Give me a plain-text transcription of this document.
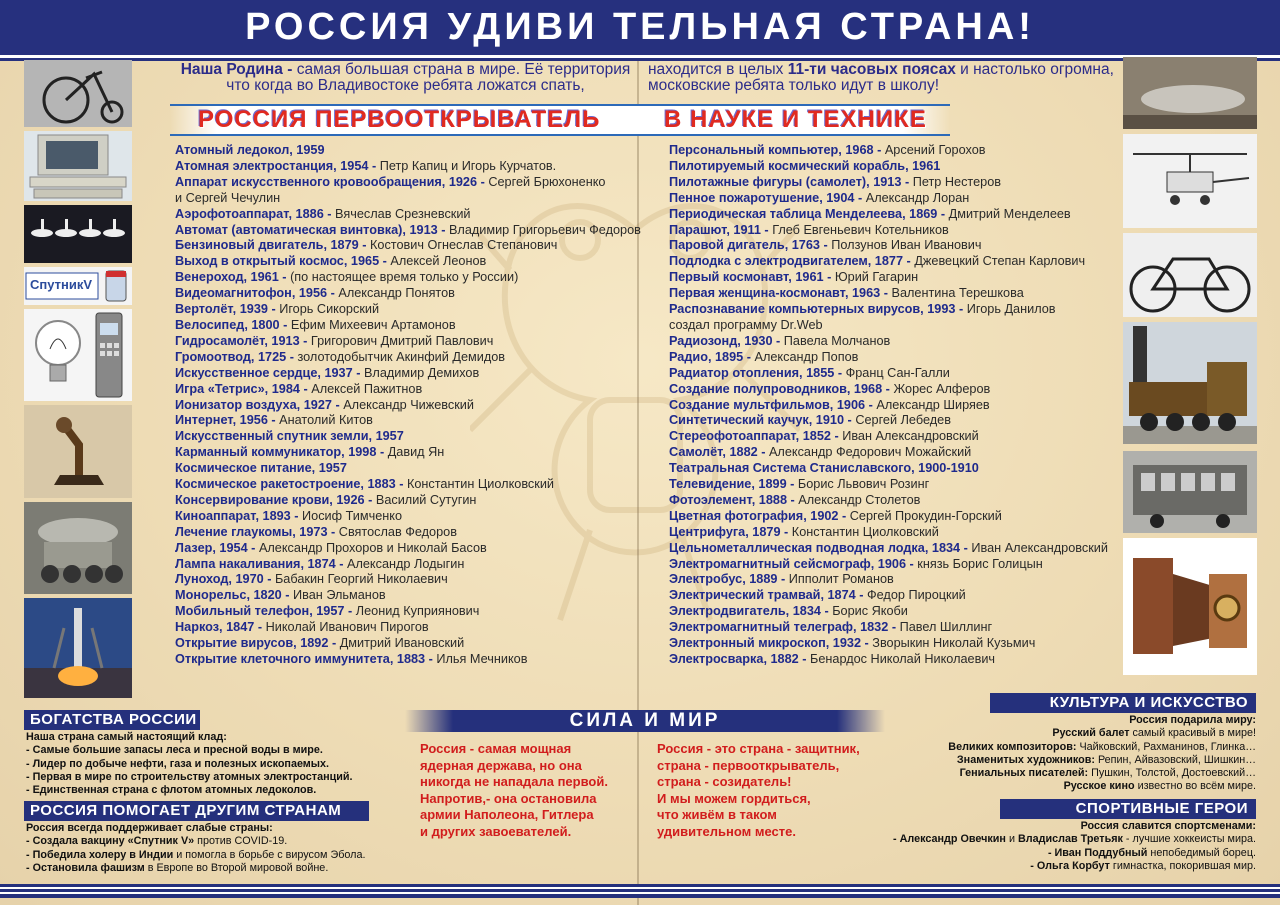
РОССИЯ УДИВИ ТЕЛЬНАЯ СТРАНА!
Наша Родина - самая большая страна в мире. Её территория
что когда во Владивостоке ребята ложатся спать,
находится в целых 11-ти часовых поясах и настолько огромна,
московские ребята только идут в школу!
РОССИЯ ПЕРВООТКРЫВАТЕЛЬ	В НАУКЕ И ТЕХНИКЕ
Атомный ледокол, 1959
Атомная электростанция, 1954 - Петр Капиц и Игорь Курчатов.
Аппарат искусственного кровообращения, 1926 - Сергей Брюхоненко
и Сергей Чечулин
Аэрофотоаппарат, 1886 - Вячеслав Срезневский
Автомат (автоматическая винтовка), 1913 - Владимир Григорьевич Федоров
Бензиновый двигатель, 1879 - Костович Огнеслав Степанович
Выход в открытый космос, 1965 - Алексей Леонов
Венероход, 1961 - (по настоящее время только у России)
Видеомагнитофон, 1956 - Александр Понятов
Вертолёт, 1939 - Игорь Сикорский
Велосипед, 1800 - Ефим Михеевич Артамонов
Гидросамолёт, 1913 - Григорович Дмитрий Павлович
Громоотвод, 1725 - золотодобытчик Акинфий Демидов
Искусственное сердце, 1937 - Владимир Демихов
Игра «Тетрис», 1984 - Алексей Пажитнов
Ионизатор воздуха, 1927 - Александр Чижевский
Интернет, 1956 - Анатолий Китов
Искусственный спутник земли, 1957
Карманный коммуникатор, 1998 - Давид Ян
Космическое питание, 1957
Космическое ракетостроение, 1883 - Константин Циолковский
Консервирование крови, 1926 - Василий Сутугин
Киноаппарат, 1893 - Иосиф Тимченко
Лечение глаукомы, 1973 - Святослав Федоров
Лазер, 1954 - Александр Прохоров и Николай Басов
Лампа накаливания, 1874 - Александр Лодыгин
Луноход, 1970 - Бабакин Георгий Николаевич
Монорельс, 1820 - Иван Эльманов
Мобильный телефон, 1957 - Леонид Куприянович
Наркоз, 1847 - Николай Иванович Пирогов
Открытие вирусов, 1892 - Дмитрий Ивановский
Открытие клеточного иммунитета, 1883 - Илья Мечников
Персональный компьютер, 1968 - Арсений Горохов
Пилотируемый космический корабль, 1961
Пилотажные фигуры (самолет), 1913 - Петр Нестеров
Пенное пожаротушение, 1904 - Александр Лоран
Периодическая таблица Менделеева, 1869 - Дмитрий Менделеев
Парашют, 1911 - Глеб Евгеньевич Котельников
Паровой дигатель, 1763 - Ползунов Иван Иванович
Подлодка с электродвигателем, 1877 - Джевецкий Степан Карлович
Первый космонавт, 1961 - Юрий Гагарин
Первая женщина-космонавт, 1963 - Валентина Терешкова
Распознавание компьютерных вирусов, 1993 - Игорь Данилов
создал программу Dr.Web
Радиозонд, 1930 - Павела Молчанов
Радио, 1895 - Александр Попов
Радиатор отопления, 1855 - Франц Сан-Галли
Создание полупроводников, 1968 - Жорес Алферов
Создание мультфильмов, 1906 - Александр Ширяев
Синтетический каучук, 1910 - Сергей Лебедев
Стереофотоаппарат, 1852 - Иван Александровский
Самолёт, 1882 - Александр Федорович Можайский
Театральная Система Станиславского, 1900-1910
Телевидение, 1899 - Борис Львович Розинг
Фотоэлемент, 1888 - Александр Столетов
Цветная фотография, 1902 - Сергей Прокудин-Горский
Центрифуга, 1879 - Константин Циолковский
Цельнометаллическая подводная лодка, 1834 - Иван Александровский
Электромагнитный сейсмограф, 1906 - князь Борис Голицын
Электробус, 1889 - Ипполит Романов
Электрический трамвай, 1874 - Федор Пироцкий
Электродвигатель, 1834 - Борис Якоби
Электромагнитный телеграф, 1832 - Павел Шиллинг
Электронный микроскоп, 1932 - Зворыкин Николай Кузьмич
Электросварка, 1882 - Бенардос Николай Николаевич
СпутникV
БОГАТСТВА РОССИИ
Наша страна самый настоящий клад:
- Самые большие запасы леса и пресной воды в мире.
- Лидер по добыче нефти, газа и полезных ископаемых.
- Первая в мире по строительству атомных электростанций.
- Единственная страна с флотом атомных ледоколов.
РОССИЯ ПОМОГАЕТ ДРУГИМ СТРАНАМ
Россия всегда поддерживает слабые страны:
- Создала вакцину «Спутник V» против COVID-19.
- Победила холеру в Индии и помогла в борьбе с вирусом Эбола.
- Остановила фашизм в Европе во Второй мировой войне.
СИЛА И МИР
Россия - самая мощная
ядерная держава, но она
никогда не нападала первой.
Напротив,- она остановила
армии Наполеона, Гитлера
и других завоевателей.
Россия - это страна - защитник,
страна - первооткрыватель,
страна - созидатель!
И мы можем гордиться,
что живём в таком
удивительном месте.
КУЛЬТУРА И ИСКУССТВО
Россия подарила миру:
Русский балет самый красивый в мире!
Великих композиторов: Чайковский, Рахманинов, Глинка…
Знаменитых художников: Репин, Айвазовский, Шишкин…
Гениальных писателей: Пушкин, Толстой, Достоевский…
Русское кино известно во всём мире.
СПОРТИВНЫЕ ГЕРОИ
Россия славится спортсменами:
- Александр Овечкин и Владислав Третьяк - лучшие хоккеисты мира.
- Иван Поддубный непобедимый борец.
- Ольга Корбут гимнастка, покорившая мир.
